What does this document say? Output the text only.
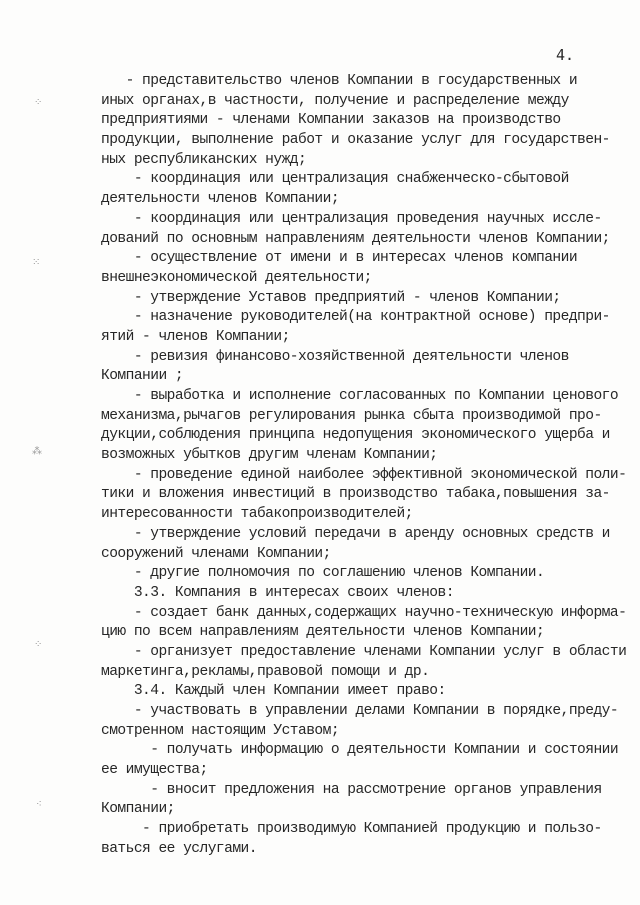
4.
⁘
⁙
⁂
⁘
⁖
- представительство членов Компании в государственных и
иных органах,в частности, получение и распределение между
предприятиями - членами Компании заказов на производство
продукции, выполнение работ и оказание услуг для государствен-
ных республиканских нужд;
- координация или централизация снабженческо-сбытовой
деятельности членов Компании;
- координация или централизация проведения научных иссле-
дований по основным направлениям деятельности членов Компании;
- осуществление от имени и в интересах членов компании
внешнеэкономической деятельности;
- утверждение Уставов предприятий - членов Компании;
- назначение руководителей(на контрактной основе) предпри-
ятий - членов Компании;
- ревизия финансово-хозяйственной деятельности членов
Компании ;
- выработка и исполнение согласованных по Компании ценового
механизма,рычагов регулирования рынка сбыта производимой про-
дукции,соблюдения принципа недопущения экономического ущерба и
возможных убытков другим членам Компании;
- проведение единой наиболее эффективной экономической поли-
тики и вложения инвестиций в производство табака,повышения за-
интересованности табакопроизводителей;
- утверждение условий передачи в аренду основных средств и
сооружений членами Компании;
- другие полномочия по соглашению членов Компании.
3.3. Компания в интересах своих членов:
- создает банк данных,содержащих научно-техническую информа-
цию по всем направлениям деятельности членов Компании;
- организует предоставление членами Компании услуг в области
маркетинга,рекламы,правовой помощи и др.
3.4. Каждый член Компании имеет право:
- участвовать в управлении делами Компании в порядке,преду-
смотренном настоящим Уставом;
- получать информацию о деятельности Компании и состоянии
ее имущества;
- вносит предложения на рассмотрение органов управления
Компании;
- приобретать производимую Компанией продукцию и пользо-
ваться ее услугами.
